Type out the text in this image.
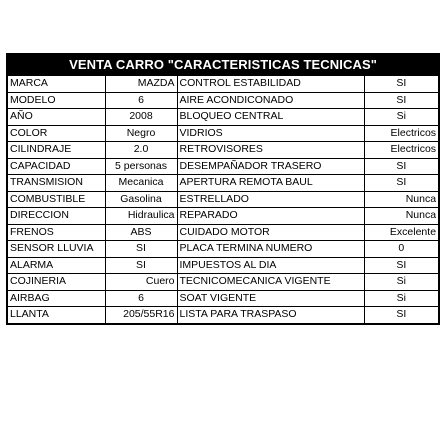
VENTA CARRO "CARACTERISTICAS TECNICAS"			
MARCA	MAZDA	CONTROL ESTABILIDAD	SI
MODELO	6	AIRE ACONDICONADO	SI
AÑO	2008	BLOQUEO CENTRAL	Si
COLOR	Negro	VIDRIOS	Electricos
CILINDRAJE	2.0	RETROVISORES	Electricos
CAPACIDAD	5 personas	DESEMPAÑADOR TRASERO	SI
TRANSMISION	Mecanica	APERTURA REMOTA BAUL	SI
COMBUSTIBLE	Gasolina	ESTRELLADO	Nunca
DIRECCION	Hidraulica	REPARADO	Nunca
FRENOS	ABS	CUIDADO MOTOR	Excelente
SENSOR LLUVIA	SI	PLACA TERMINA NUMERO	0
ALARMA	SI	IMPUESTOS AL DIA	SI
COJINERIA	Cuero	TECNICOMECANICA VIGENTE	Si
AIRBAG	6	SOAT VIGENTE	Si
LLANTA	205/55R16	LISTA PARA TRASPASO	SI
